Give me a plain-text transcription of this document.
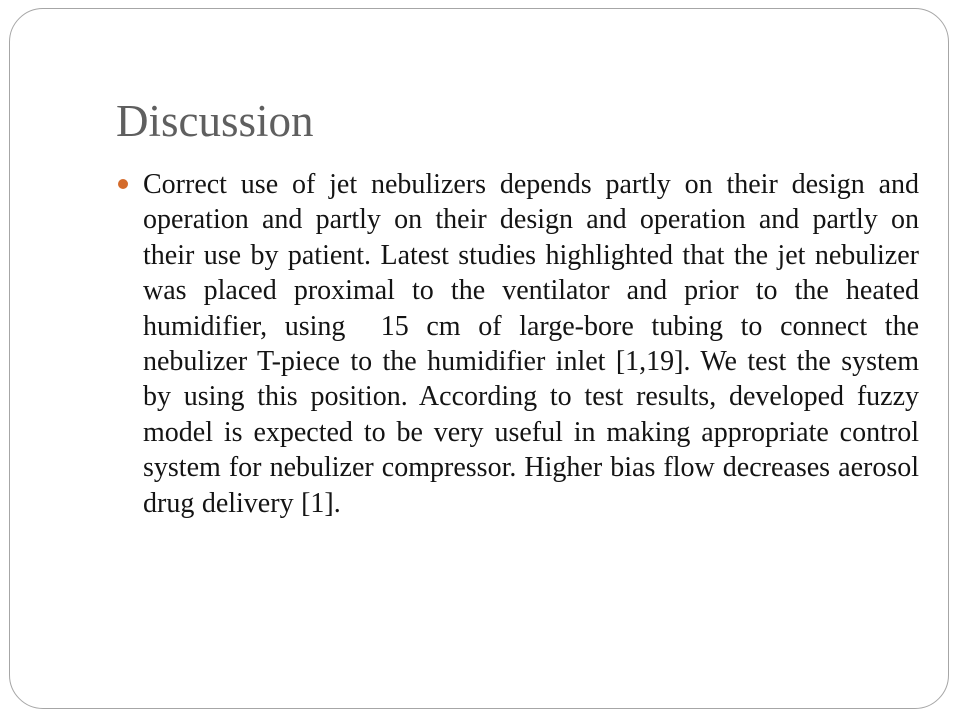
Discussion
Correct use of jet nebulizers depends partly on their design and operation and partly on their design and operation and partly on their use by patient. Latest studies highlighted that the jet nebulizer was placed proximal to the ventilator and prior to the heated humidifier, using  15 cm of large-bore tubing to connect the nebulizer T-piece to the humidifier inlet [1,19]. We test the system by using this position. According to test results, developed fuzzy model is expected to be very useful in making appropriate control  system for nebulizer compressor. Higher bias flow decreases aerosol drug delivery [1].
